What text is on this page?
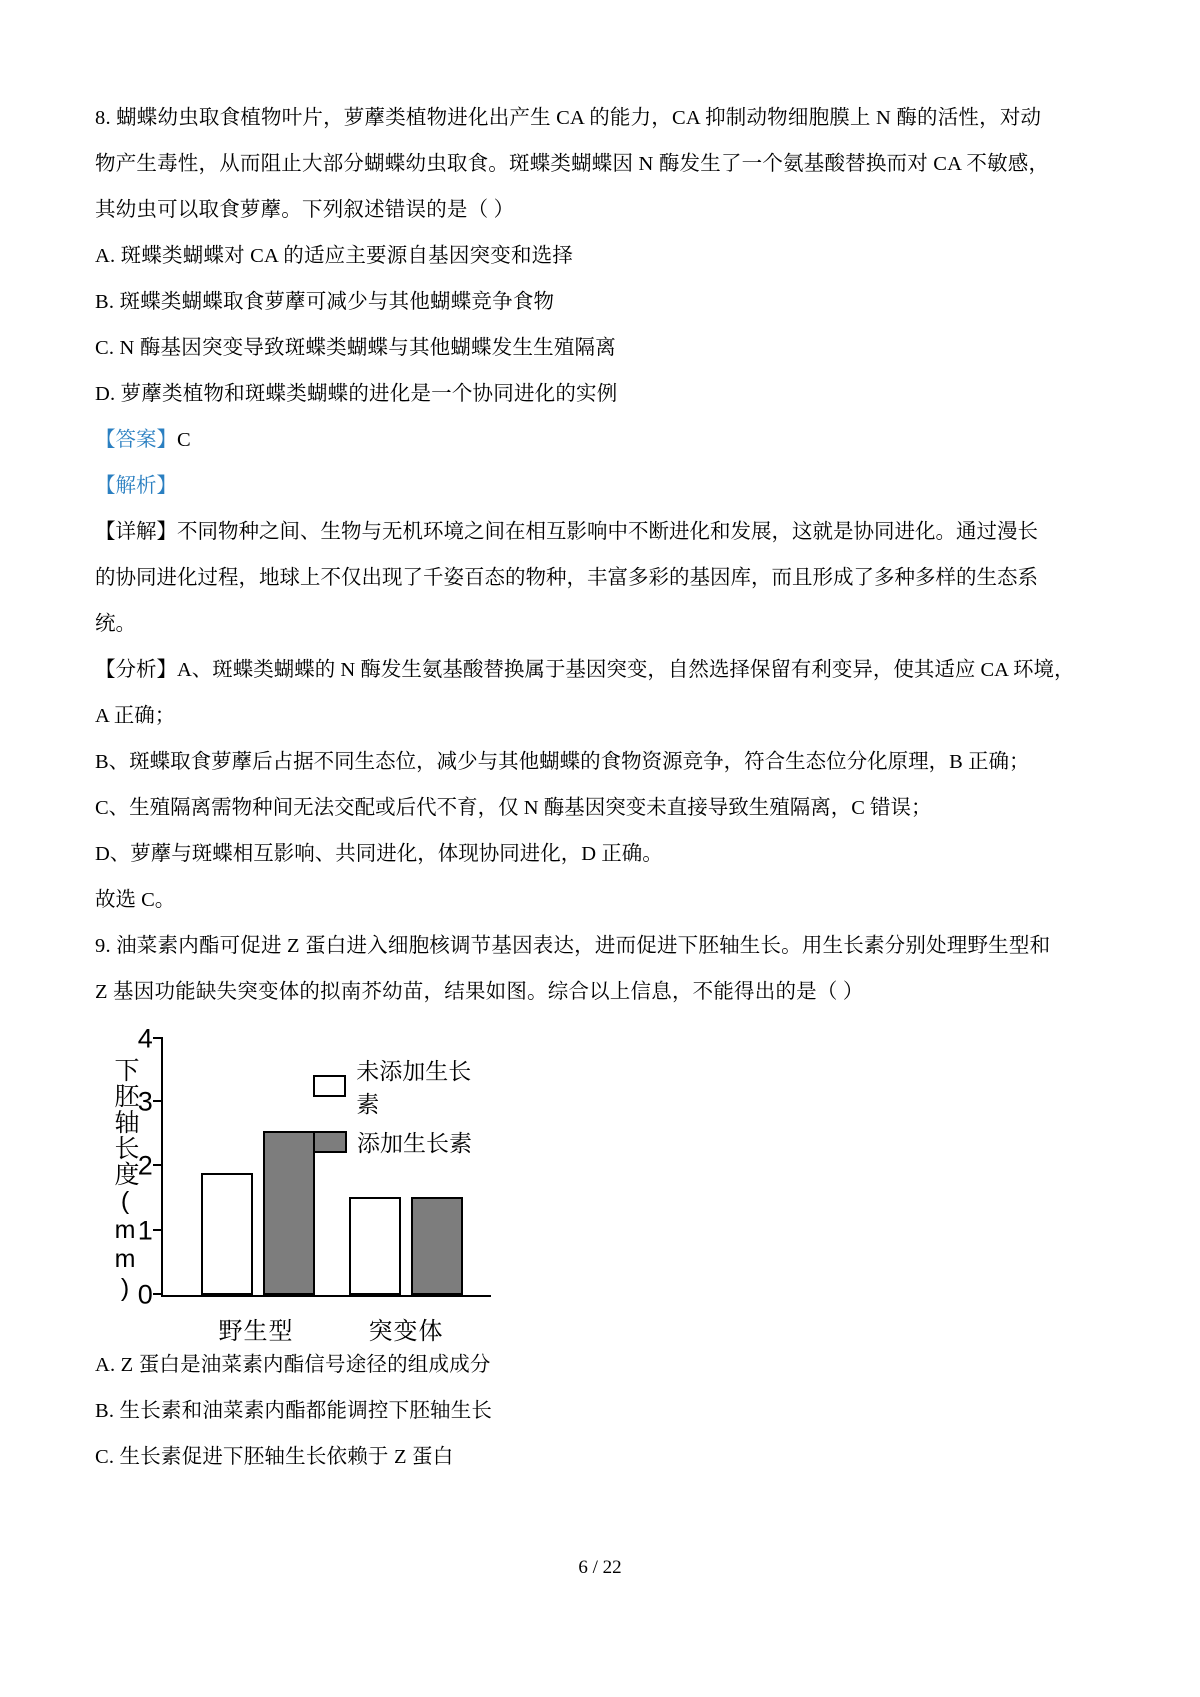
8. 蝴蝶幼虫取食植物叶片，萝藦类植物进化出产生 CA 的能力，CA 抑制动物细胞膜上 N 酶的活性，对动

物产生毒性，从而阻止大部分蝴蝶幼虫取食。斑蝶类蝴蝶因 N 酶发生了一个氨基酸替换而对 CA 不敏感，

其幼虫可以取食萝藦。下列叙述错误的是（ ）

A. 斑蝶类蝴蝶对 CA 的适应主要源自基因突变和选择

B. 斑蝶类蝴蝶取食萝藦可减少与其他蝴蝶竞争食物

C. N 酶基因突变导致斑蝶类蝴蝶与其他蝴蝶发生生殖隔离

D. 萝藦类植物和斑蝶类蝴蝶的进化是一个协同进化的实例

【答案】C

【解析】

【详解】不同物种之间、生物与无机环境之间在相互影响中不断进化和发展，这就是协同进化。通过漫长

的协同进化过程，地球上不仅出现了千姿百态的物种，丰富多彩的基因库，而且形成了多种多样的生态系

统。

【分析】A、斑蝶类蝴蝶的 N 酶发生氨基酸替换属于基因突变，自然选择保留有利变异，使其适应 CA 环境，

A 正确；

B、斑蝶取食萝藦后占据不同生态位，减少与其他蝴蝶的食物资源竞争，符合生态位分化原理，B 正确；

C、生殖隔离需物种间无法交配或后代不育，仅 N 酶基因突变未直接导致生殖隔离，C 错误；

D、萝藦与斑蝶相互影响、共同进化，体现协同进化，D 正确。

故选 C。

9. 油菜素内酯可促进 Z 蛋白进入细胞核调节基因表达，进而促进下胚轴生长。用生长素分别处理野生型和

Z 基因功能缺失突变体的拟南芥幼苗，结果如图。综合以上信息，不能得出的是（ ）

下胚轴长度(mm)
0
1
2
3
4
未添加生长素
添加生长素
野生型	突变体

A. Z 蛋白是油菜素内酯信号途径的组成成分

B. 生长素和油菜素内酯都能调控下胚轴生长

C. 生长素促进下胚轴生长依赖于 Z 蛋白

6 / 22
